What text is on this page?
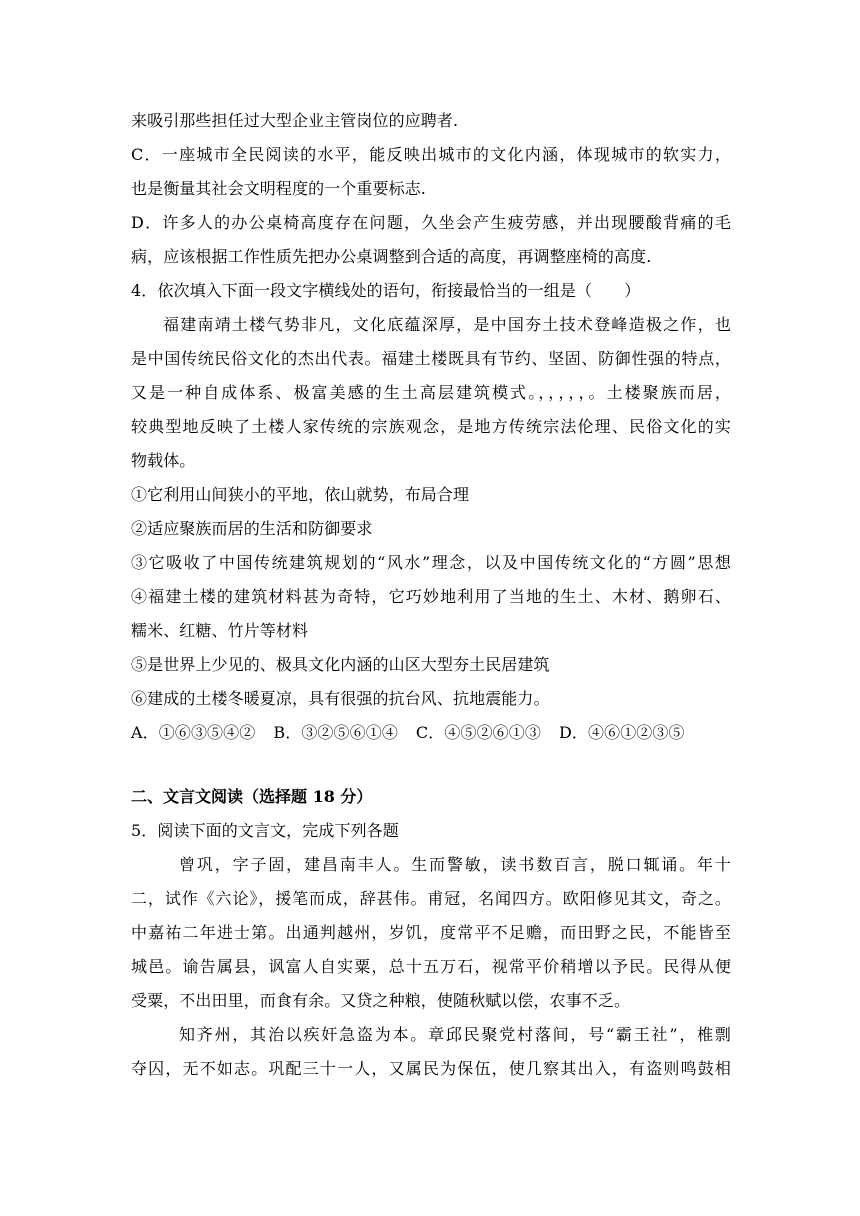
来吸引那些担任过大型企业主管岗位的应聘者.
C．一座城市全民阅读的水平，能反映出城市的文化内涵，体现城市的软实力，
也是衡量其社会文明程度的一个重要标志.
D．许多人的办公桌椅高度存在问题，久坐会产生疲劳感，并出现腰酸背痛的毛
病，应该根据工作性质先把办公桌调整到合适的高度，再调整座椅的高度.
4．依次填入下面一段文字横线处的语句，衔接最恰当的一组是（　　）
福建南靖土楼气势非凡，文化底蕴深厚，是中国夯土技术登峰造极之作，也
是中国传统民俗文化的杰出代表。福建土楼既具有节约、坚固、防御性强的特点，
又是一种自成体系、极富美感的生土高层建筑模式。，，，，，。土楼聚族而居，
较典型地反映了土楼人家传统的宗族观念，是地方传统宗法伦理、民俗文化的实
物载体。
①它利用山间狭小的平地，依山就势，布局合理
②适应聚族而居的生活和防御要求
③它吸收了中国传统建筑规划的“风水”理念，以及中国传统文化的“方圆”思想
④福建土楼的建筑材料甚为奇特，它巧妙地利用了当地的生土、木材、鹅卵石、
糯米、红糖、竹片等材料
⑤是世界上少见的、极具文化内涵的山区大型夯土民居建筑
⑥建成的土楼冬暖夏凉，具有很强的抗台风、抗地震能力。
A．①⑥③⑤④② B．③②⑤⑥①④ C．④⑤②⑥①③ D．④⑥①②③⑤
二、文言文阅读（选择题 18 分）
5．阅读下面的文言文，完成下列各题
曾巩，字子固，建昌南丰人。生而警敏，读书数百言，脱口辄诵。年十
二，试作《六论》，援笔而成，辞甚伟。甫冠，名闻四方。欧阳修见其文，奇之。
中嘉祐二年进士第。出通判越州，岁饥，度常平不足赡，而田野之民，不能皆至
城邑。谕告属县，讽富人自实粟，总十五万石，视常平价稍增以予民。民得从便
受粟，不出田里，而食有余。又贷之种粮，使随秋赋以偿，农事不乏。
知齐州，其治以疾奸急盗为本。章邱民聚党村落间，号“霸王社”，椎剽
夺囚，无不如志。巩配三十一人，又属民为保伍，使几察其出入，有盗则鸣鼓相
